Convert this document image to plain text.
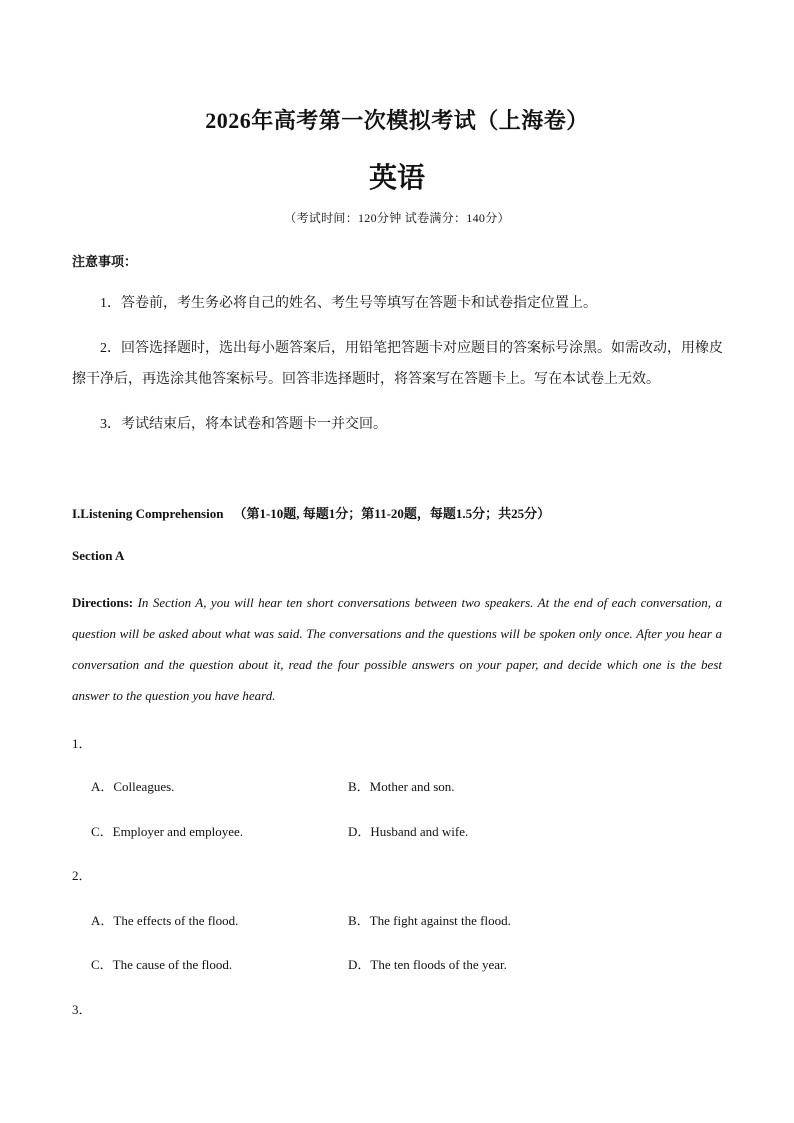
2026年高考第一次模拟考试（上海卷）
英语
（考试时间：120分钟 试卷满分：140分）
注意事项：
1．答卷前，考生务必将自己的姓名、考生号等填写在答题卡和试卷指定位置上。
2．回答选择题时，选出每小题答案后，用铅笔把答题卡对应题目的答案标号涂黑。如需改动，用橡皮擦干净后，再选涂其他答案标号。回答非选择题时，将答案写在答题卡上。写在本试卷上无效。
3．考试结束后，将本试卷和答题卡一并交回。
I.Listening Comprehension （第1-10题, 每题1分；第11-20题，每题1.5分；共25分）
Section A
Directions: In Section A, you will hear ten short conversations between two speakers. At the end of each conversation, a question will be asked about what was said. The conversations and the questions will be spoken only once. After you hear a conversation and the question about it, read the four possible answers on your paper, and decide which one is the best answer to the question you have heard.
1．
A．Colleagues.	B．Mother and son.
C．Employer and employee.	D．Husband and wife.
2．
A．The effects of the flood.	B．The fight against the flood.
C．The cause of the flood.	D．The ten floods of the year.
3．
